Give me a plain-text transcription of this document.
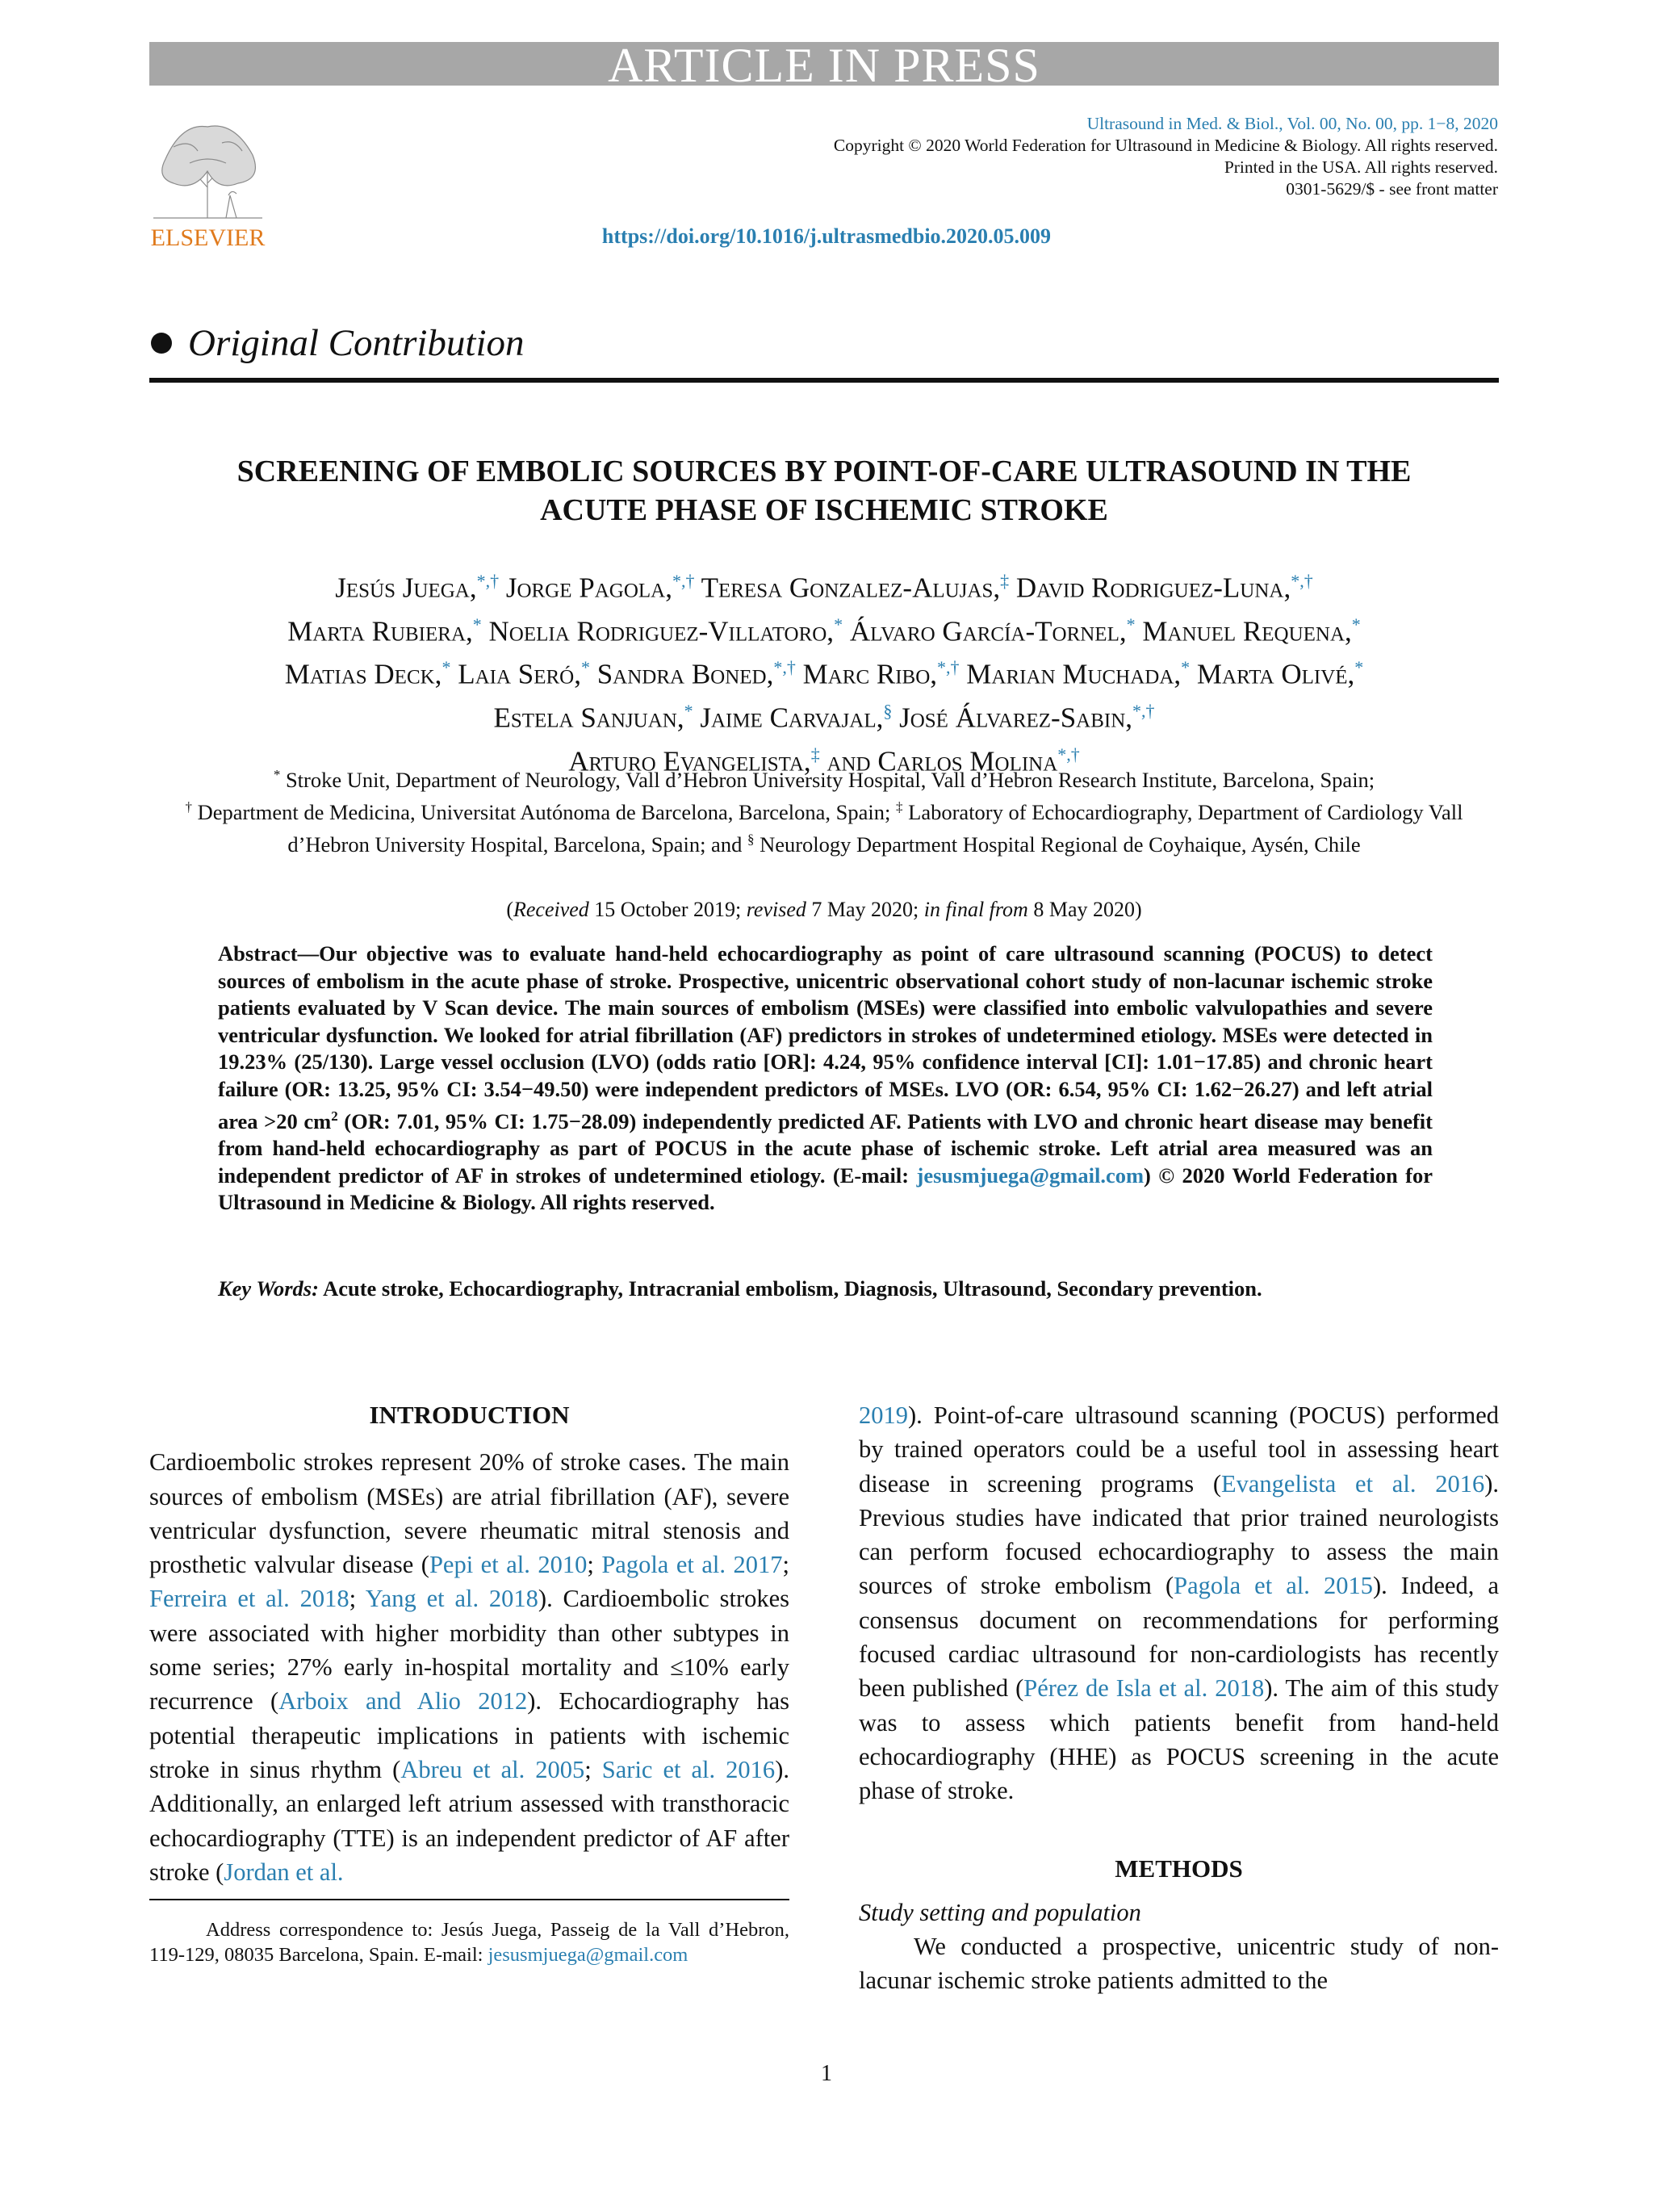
ARTICLE IN PRESS
ELSEVIER
Ultrasound in Med. & Biol., Vol. 00, No. 00, pp. 1−8, 2020
Copyright © 2020 World Federation for Ultrasound in Medicine & Biology. All rights reserved.
Printed in the USA. All rights reserved.
0301-5629/$ - see front matter
https://doi.org/10.1016/j.ultrasmedbio.2020.05.009
Original Contribution
SCREENING OF EMBOLIC SOURCES BY POINT-OF-CARE ULTRASOUND IN THE
ACUTE PHASE OF ISCHEMIC STROKE
Jesús Juega,*,† Jorge Pagola,*,† Teresa Gonzalez-Alujas,‡ David Rodriguez-Luna,*,†
Marta Rubiera,* Noelia Rodriguez-Villatoro,* Álvaro García-Tornel,* Manuel Requena,*
Matias Deck,* Laia Seró,* Sandra Boned,*,† Marc Ribo,*,† Marian Muchada,* Marta Olivé,*
Estela Sanjuan,* Jaime Carvajal,§ José Álvarez-Sabin,*,†
Arturo Evangelista,‡ and Carlos Molina*,†
* Stroke Unit, Department of Neurology, Vall d’Hebron University Hospital, Vall d’Hebron Research Institute, Barcelona, Spain;
† Department de Medicina, Universitat Autónoma de Barcelona, Barcelona, Spain; ‡ Laboratory of Echocardiography, Department of Cardiology Vall d’Hebron University Hospital, Barcelona, Spain; and § Neurology Department Hospital Regional de Coyhaique, Aysén, Chile
(Received 15 October 2019; revised 7 May 2020; in final from 8 May 2020)
Abstract—Our objective was to evaluate hand-held echocardiography as point of care ultrasound scanning (POCUS) to detect sources of embolism in the acute phase of stroke. Prospective, unicentric observational cohort study of non-lacunar ischemic stroke patients evaluated by V Scan device. The main sources of embolism (MSEs) were classified into embolic valvulopathies and severe ventricular dysfunction. We looked for atrial fibrillation (AF) predictors in strokes of undetermined etiology. MSEs were detected in 19.23% (25/130). Large vessel occlusion (LVO) (odds ratio [OR]: 4.24, 95% confidence interval [CI]: 1.01−17.85) and chronic heart failure (OR: 13.25, 95% CI: 3.54−49.50) were independent predictors of MSEs. LVO (OR: 6.54, 95% CI: 1.62−26.27) and left atrial area >20 $cm^2$ (OR: 7.01, 95% CI: 1.75−28.09) independently predicted AF. Patients with LVO and chronic heart disease may benefit from hand-held echocardiography as part of POCUS in the acute phase of ischemic stroke. Left atrial area measured was an independent predictor of AF in strokes of undetermined etiology. (E-mail: jesusmjuega@gmail.com) © 2020 World Federation for Ultrasound in Medicine & Biology. All rights reserved.
Key Words: Acute stroke, Echocardiography, Intracranial embolism, Diagnosis, Ultrasound, Secondary prevention.
INTRODUCTION
Cardioembolic strokes represent 20% of stroke cases. The main sources of embolism (MSEs) are atrial fibrillation (AF), severe ventricular dysfunction, severe rheumatic mitral stenosis and prosthetic valvular disease (Pepi et al. 2010; Pagola et al. 2017; Ferreira et al. 2018; Yang et al. 2018). Cardioembolic strokes were associated with higher morbidity than other subtypes in some series; 27% early in-hospital mortality and ≤10% early recurrence (Arboix and Alio 2012). Echocardiography has potential therapeutic implications in patients with ischemic stroke in sinus rhythm (Abreu et al. 2005; Saric et al. 2016). Additionally, an enlarged left atrium assessed with transthoracic echocardiography (TTE) is an independent predictor of AF after stroke (Jordan et al.
2019). Point-of-care ultrasound scanning (POCUS) performed by trained operators could be a useful tool in assessing heart disease in screening programs (Evangelista et al. 2016). Previous studies have indicated that prior trained neurologists can perform focused echocardiography to assess the main sources of stroke embolism (Pagola et al. 2015). Indeed, a consensus document on recommendations for performing focused cardiac ultrasound for non-cardiologists has recently been published (Pérez de Isla et al. 2018). The aim of this study was to assess which patients benefit from hand-held echocardiography (HHE) as POCUS screening in the acute phase of stroke.
METHODS
Study setting and population
We conducted a prospective, unicentric study of non-lacunar ischemic stroke patients admitted to the
Address correspondence to: Jesús Juega, Passeig de la Vall d’Hebron, 119-129, 08035 Barcelona, Spain. E-mail: jesusmjuega@gmail.com
1
